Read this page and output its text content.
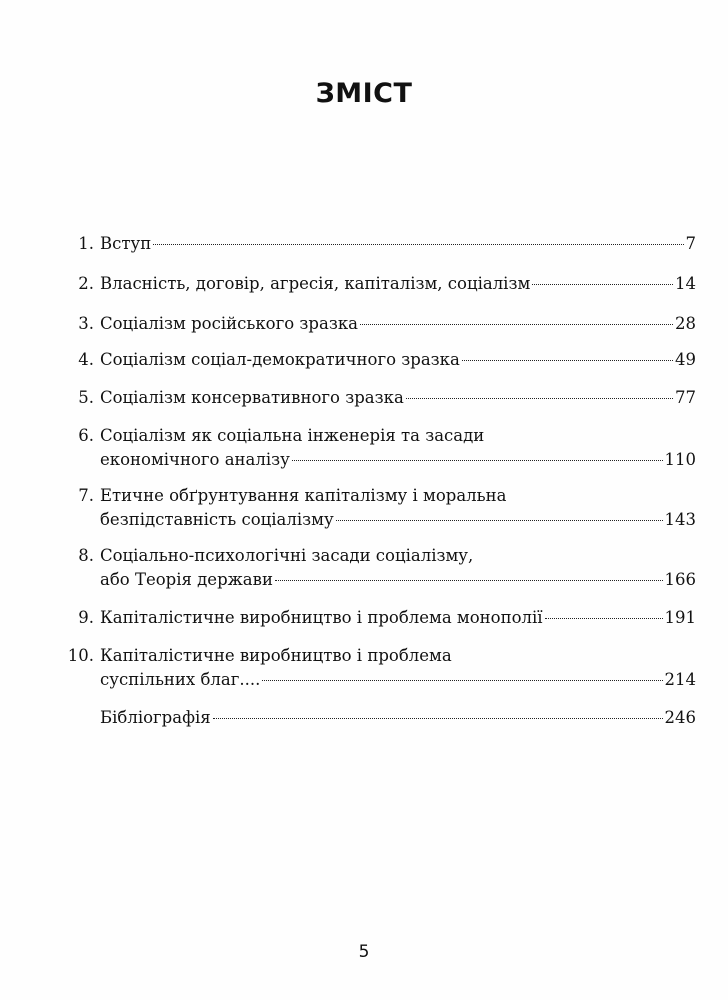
ЗМІСТ
1. Вступ	7
2. Власність, договір, агресія, капіталізм, соціалізм	14
3. Соціалізм російського зразка	28
4. Соціалізм соціал-демократичного зразка	49
5. Соціалізм консервативного зразка	77
6. Соціалізм як соціальна інженерія та засади
економічного аналізу	110
7. Етичне обґрунтування капіталізму і моральна
безпідставність соціалізму	143
8. Соціально-психологічні засади соціалізму,
або Теорія держави	166
9. Капіталістичне виробництво і проблема монополії	191
10. Капіталістичне виробництво і проблема
суспільних благ....	214
Бібліографія	246
5
